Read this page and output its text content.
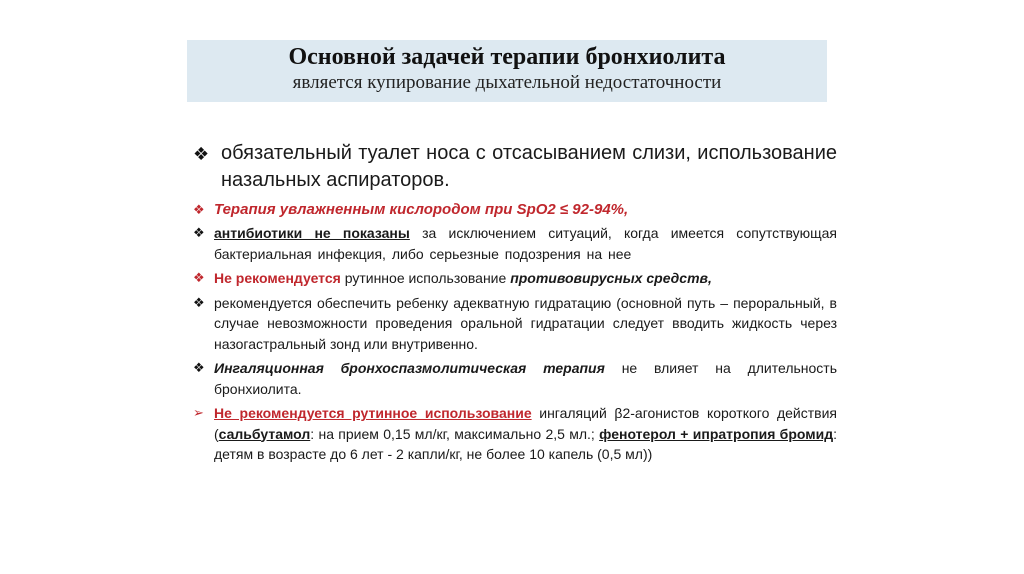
Основной задачей терапии бронхиолита
является купирование дыхательной недостаточности
❖ обязательный туалет носа с отсасыванием слизи, использование назальных аспираторов.
❖ Терапия увлажненным кислородом при SpO2 ≤ 92-94%,
❖ антибиотики не показаны за исключением ситуаций, когда имеется сопутствующая бактериальная инфекция, либо серьезные подозрения на нее
❖ Не рекомендуется рутинное использование противовирусных средств,
❖ рекомендуется обеспечить ребенку адекватную гидратацию (основной путь – пероральный, в случае невозможности проведения оральной гидратации следует вводить жидкость через назогастральный зонд или внутривенно.
❖ Ингаляционная бронхоспазмолитическая терапия не влияет на длительность бронхиолита.
➢ Не рекомендуется рутинное использование ингаляций β2-агонистов короткого действия (сальбутамол: на прием 0,15 мл/кг, максимально 2,5 мл.; фенотерол + ипратропия бромид: детям в возрасте до 6 лет - 2 капли/кг, не более 10 капель (0,5 мл))
